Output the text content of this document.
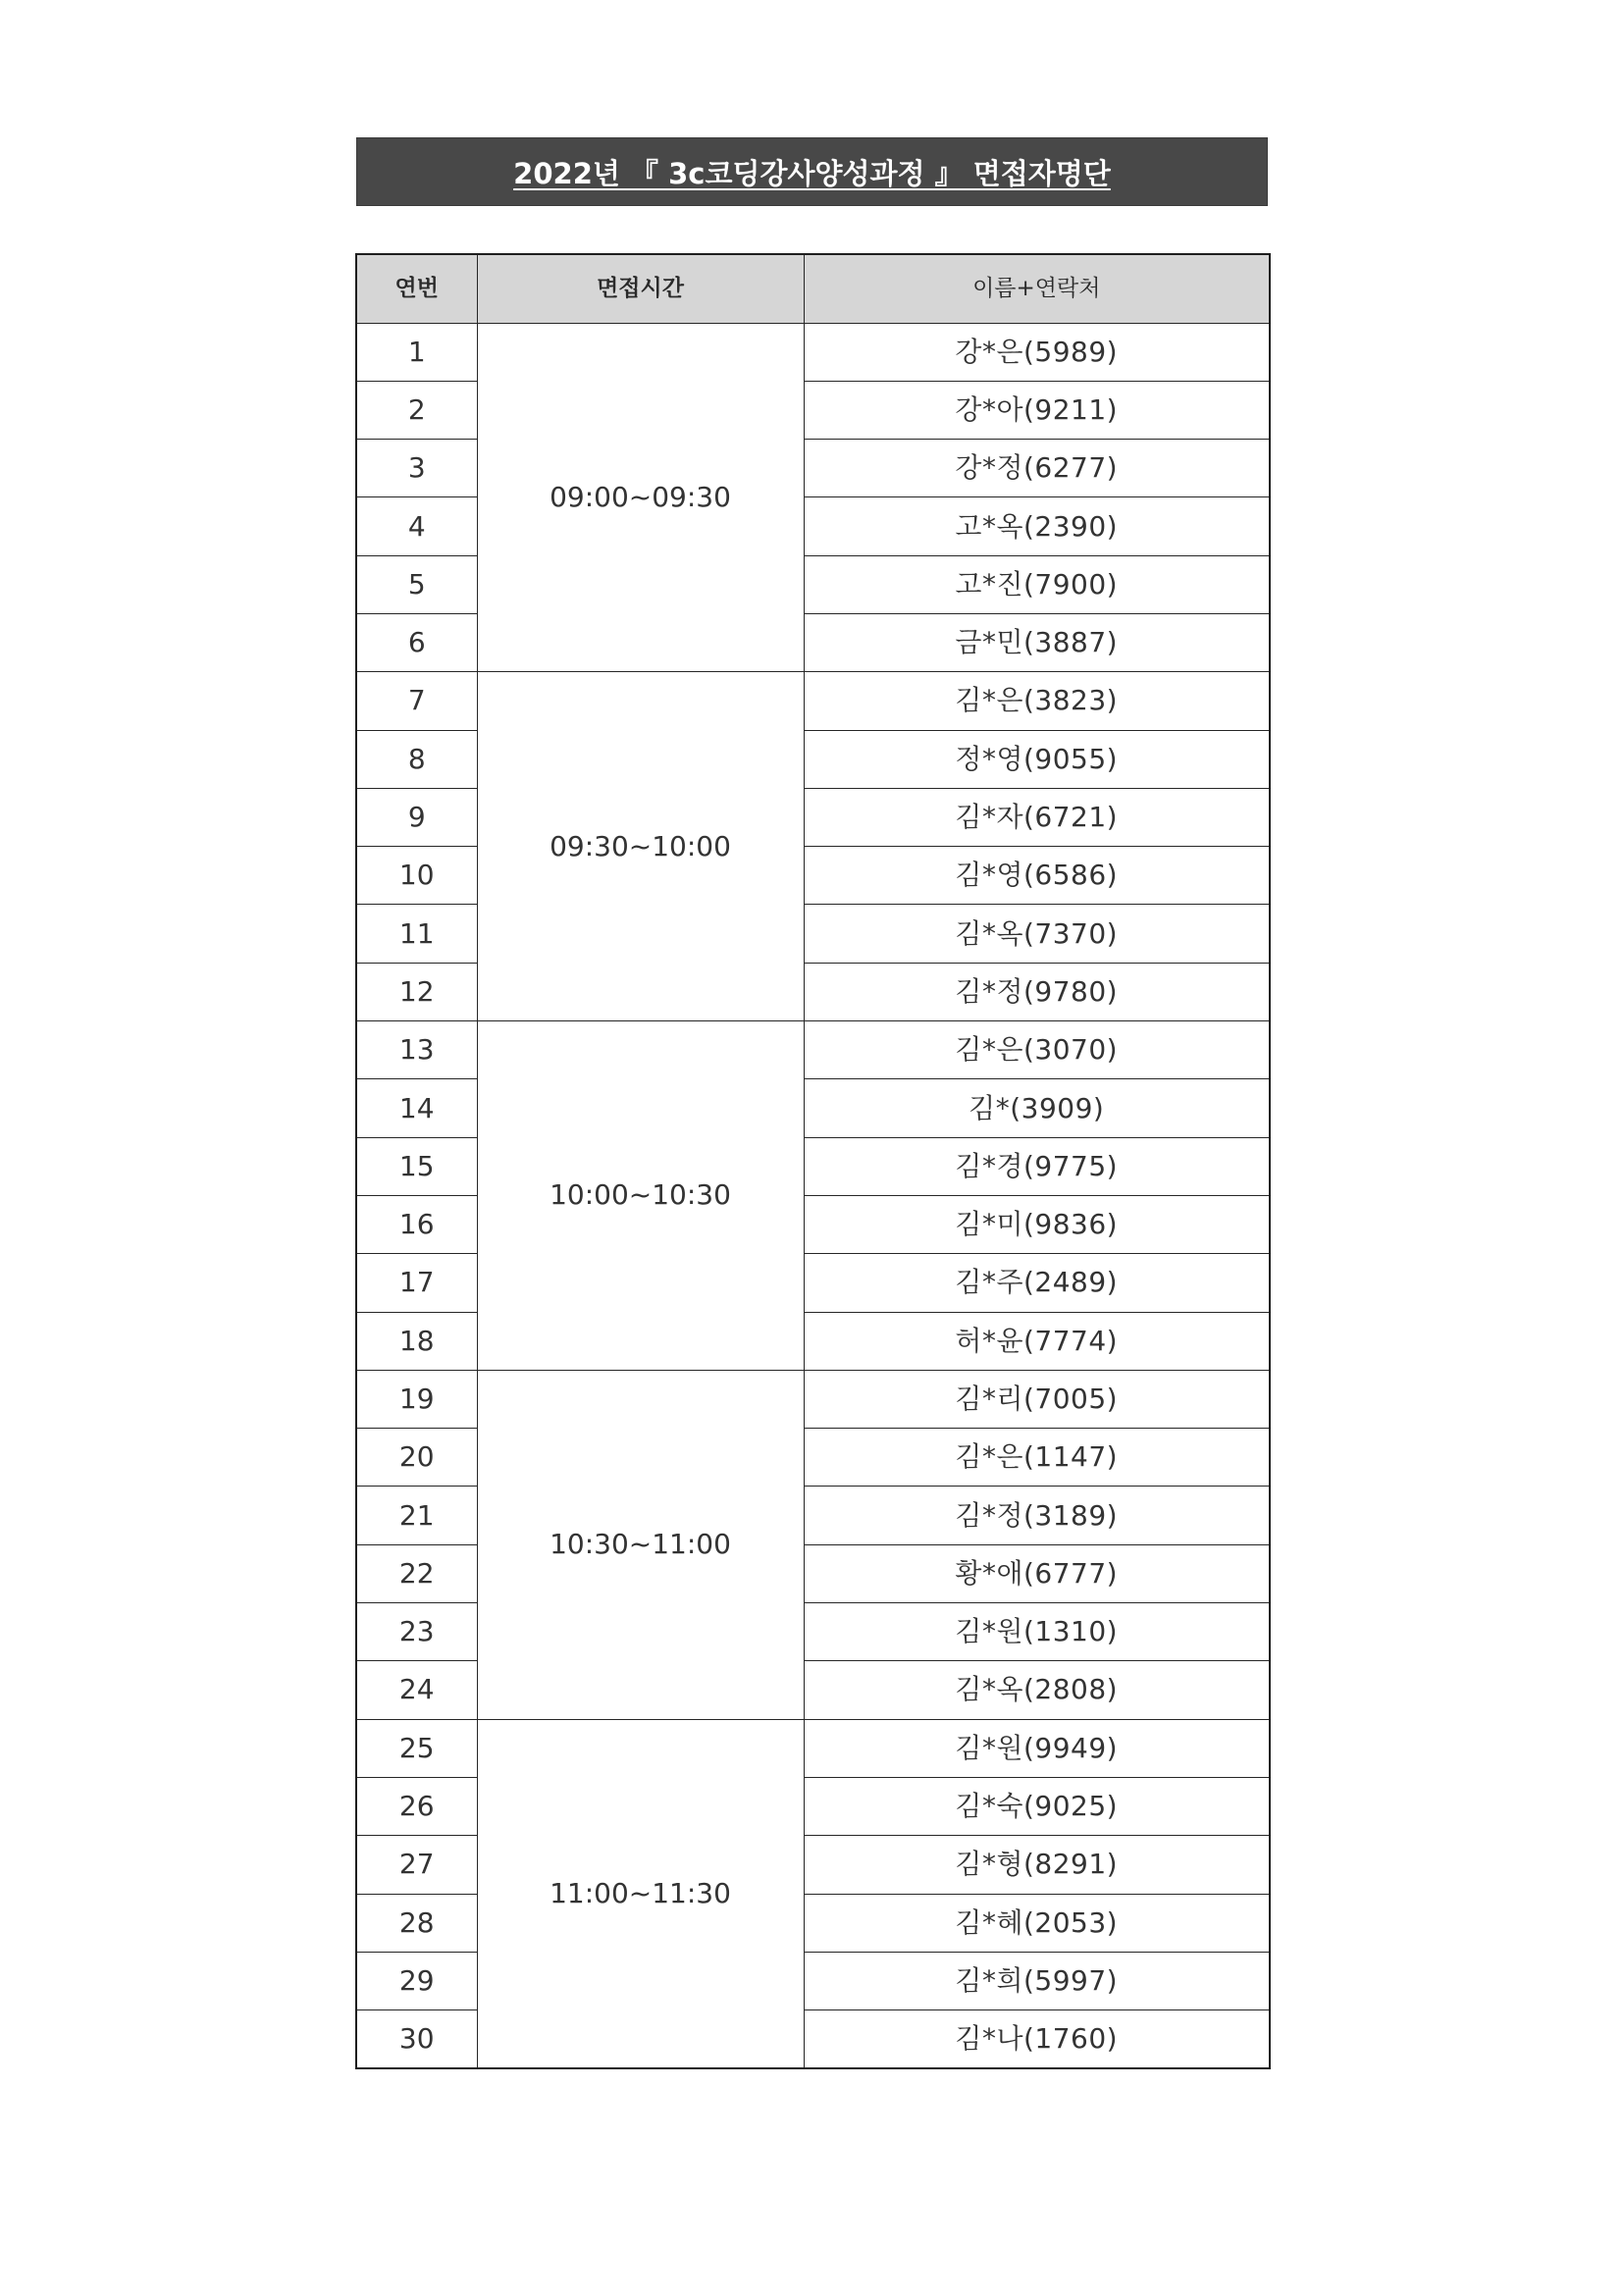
2022년 『 3c코딩강사양성과정 』 면접자명단
연번	면접시간	이름+연락처
1	09:00~09:30	강*은(5989)
2		강*아(9211)
3		강*정(6277)
4		고*옥(2390)
5		고*진(7900)
6		금*민(3887)
7	09:30~10:00	김*은(3823)
8		정*영(9055)
9		김*자(6721)
10		김*영(6586)
11		김*옥(7370)
12		김*정(9780)
13	10:00~10:30	김*은(3070)
14		김*(3909)
15		김*경(9775)
16		김*미(9836)
17		김*주(2489)
18		허*윤(7774)
19	10:30~11:00	김*리(7005)
20		김*은(1147)
21		김*정(3189)
22		황*애(6777)
23		김*원(1310)
24		김*옥(2808)
25	11:00~11:30	김*원(9949)
26		김*숙(9025)
27		김*형(8291)
28		김*혜(2053)
29		김*희(5997)
30		김*나(1760)
